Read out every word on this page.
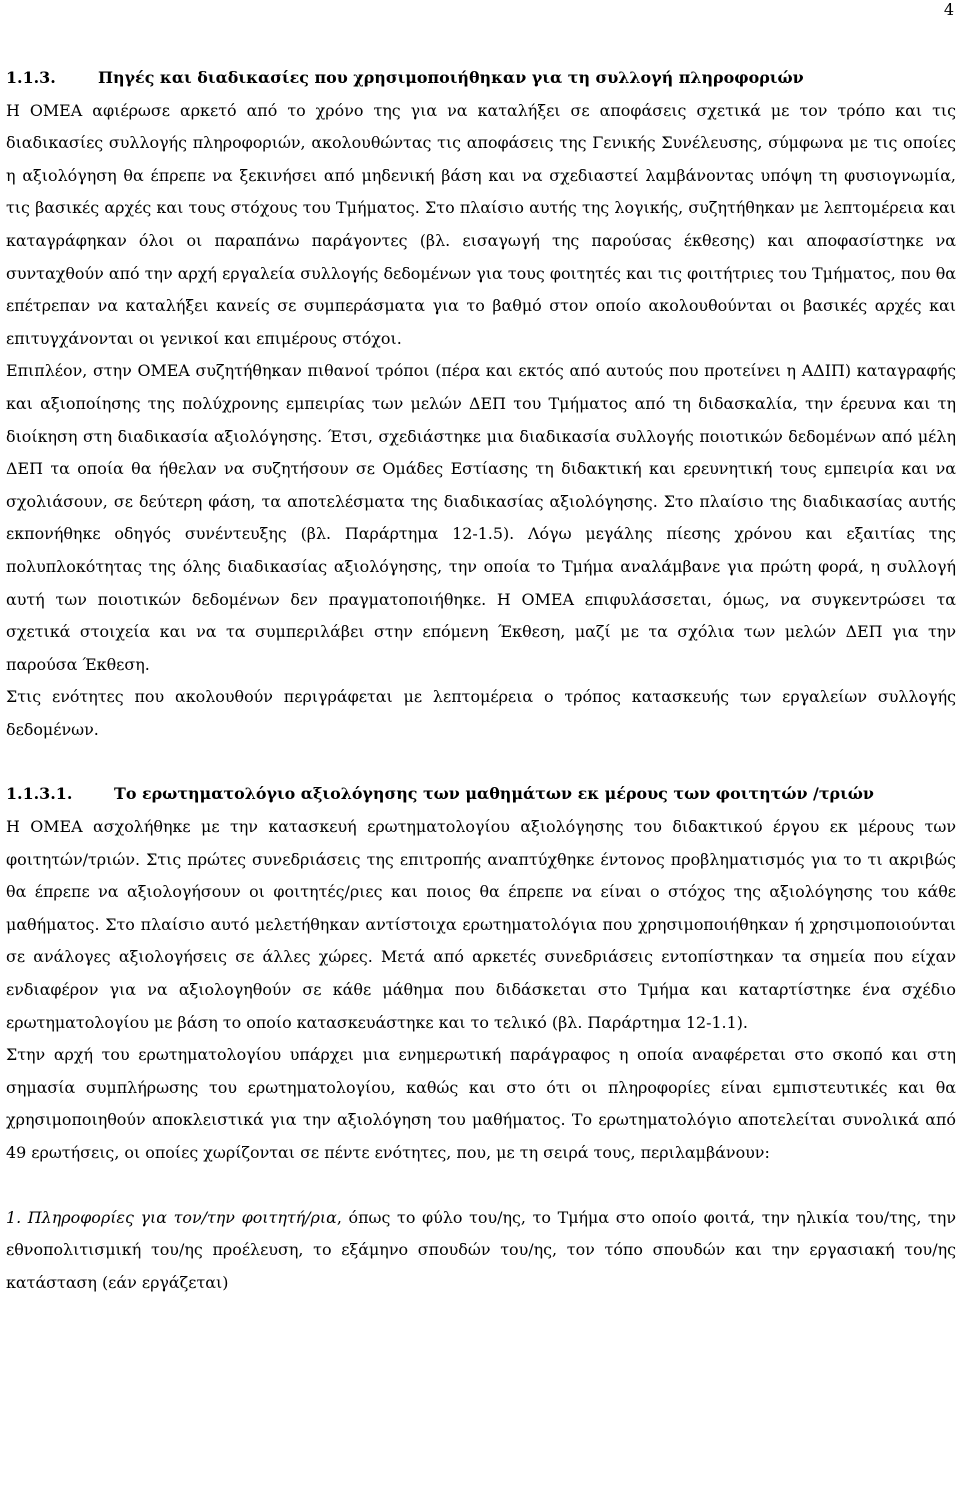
4
1.1.3.	Πηγές και διαδικασίες που χρησιμοποιήθηκαν για τη συλλογή πληροφοριών

Η ΟΜΕΑ αφιέρωσε αρκετό από το χρόνο της για να καταλήξει σε αποφάσεις σχετικά με τον τρόπο και τις διαδικασίες συλλογής πληροφοριών, ακολουθώντας τις αποφάσεις της Γενικής Συνέλευσης, σύμφωνα με τις οποίες η αξιολόγηση θα έπρεπε να ξεκινήσει από μηδενική βάση και να σχεδιαστεί λαμβάνοντας υπόψη τη φυσιογνωμία, τις βασικές αρχές και τους στόχους του Τμήματος. Στο πλαίσιο αυτής της λογικής, συζητήθηκαν με λεπτομέρεια και καταγράφηκαν όλοι οι παραπάνω παράγοντες (βλ. εισαγωγή της παρούσας έκθεσης) και αποφασίστηκε να συνταχθούν από την αρχή εργαλεία συλλογής δεδομένων για τους φοιτητές και τις φοιτήτριες του Τμήματος, που θα επέτρεπαν να καταλήξει κανείς σε συμπεράσματα για το βαθμό στον οποίο ακολουθούνται οι βασικές αρχές και επιτυγχάνονται οι γενικοί και επιμέρους στόχοι.

Επιπλέον, στην ΟΜΕΑ συζητήθηκαν πιθανοί τρόποι (πέρα και εκτός από αυτούς που προτείνει η ΑΔΙΠ) καταγραφής και αξιοποίησης της πολύχρονης εμπειρίας των μελών ΔΕΠ του Τμήματος από τη διδασκαλία, την έρευνα και τη διοίκηση στη διαδικασία αξιολόγησης. Έτσι, σχεδιάστηκε μια διαδικασία συλλογής ποιοτικών δεδομένων από μέλη ΔΕΠ τα οποία θα ήθελαν να συζητήσουν σε Ομάδες Εστίασης τη διδακτική και ερευνητική τους εμπειρία και να σχολιάσουν, σε δεύτερη φάση, τα αποτελέσματα της διαδικασίας αξιολόγησης. Στο πλαίσιο της διαδικασίας αυτής εκπονήθηκε οδηγός συνέντευξης (βλ. Παράρτημα 12-1.5). Λόγω μεγάλης πίεσης χρόνου και εξαιτίας της πολυπλοκότητας της όλης διαδικασίας αξιολόγησης, την οποία το Τμήμα αναλάμβανε για πρώτη φορά, η συλλογή αυτή των ποιοτικών δεδομένων δεν πραγματοποιήθηκε. Η ΟΜΕΑ επιφυλάσσεται, όμως, να συγκεντρώσει τα σχετικά στοιχεία και να τα συμπεριλάβει στην επόμενη Έκθεση, μαζί με τα σχόλια των μελών ΔΕΠ για την παρούσα Έκθεση.

Στις ενότητες που ακολουθούν περιγράφεται με λεπτομέρεια ο τρόπος κατασκευής των εργαλείων συλλογής δεδομένων.

1.1.3.1.	Το ερωτηματολόγιο αξιολόγησης των μαθημάτων εκ μέρους των φοιτητών /τριών

Η ΟΜΕΑ ασχολήθηκε με την κατασκευή ερωτηματολογίου αξιολόγησης του διδακτικού έργου εκ μέρους των φοιτητών/τριών. Στις πρώτες συνεδριάσεις της επιτροπής αναπτύχθηκε έντονος προβληματισμός για το τι ακριβώς θα έπρεπε να αξιολογήσουν οι φοιτητές/ριες και ποιος θα έπρεπε να είναι ο στόχος της αξιολόγησης του κάθε μαθήματος. Στο πλαίσιο αυτό μελετήθηκαν αντίστοιχα ερωτηματολόγια που χρησιμοποιήθηκαν ή χρησιμοποιούνται σε ανάλογες αξιολογήσεις σε άλλες χώρες. Μετά από αρκετές συνεδριάσεις εντοπίστηκαν τα σημεία που είχαν ενδιαφέρον για να αξιολογηθούν σε κάθε μάθημα που διδάσκεται στο Τμήμα και καταρτίστηκε ένα σχέδιο ερωτηματολογίου με βάση το οποίο κατασκευάστηκε και το τελικό (βλ. Παράρτημα 12-1.1).

Στην αρχή του ερωτηματολογίου υπάρχει μια ενημερωτική παράγραφος η οποία αναφέρεται στο σκοπό και στη σημασία συμπλήρωσης του ερωτηματολογίου, καθώς και στο ότι οι πληροφορίες είναι εμπιστευτικές και θα χρησιμοποιηθούν αποκλειστικά για την αξιολόγηση του μαθήματος. Το ερωτηματολόγιο αποτελείται συνολικά από 49 ερωτήσεις, οι οποίες χωρίζονται σε πέντε ενότητες, που, με τη σειρά τους, περιλαμβάνουν:

1. Πληροφορίες για τον/την φοιτητή/ρια, όπως το φύλο του/ης, το Τμήμα στο οποίο φοιτά, την ηλικία του/της, την εθνοπολιτισμική του/ης προέλευση, το εξάμηνο σπουδών του/ης, τον τόπο σπουδών και την εργασιακή του/ης κατάσταση (εάν εργάζεται)
